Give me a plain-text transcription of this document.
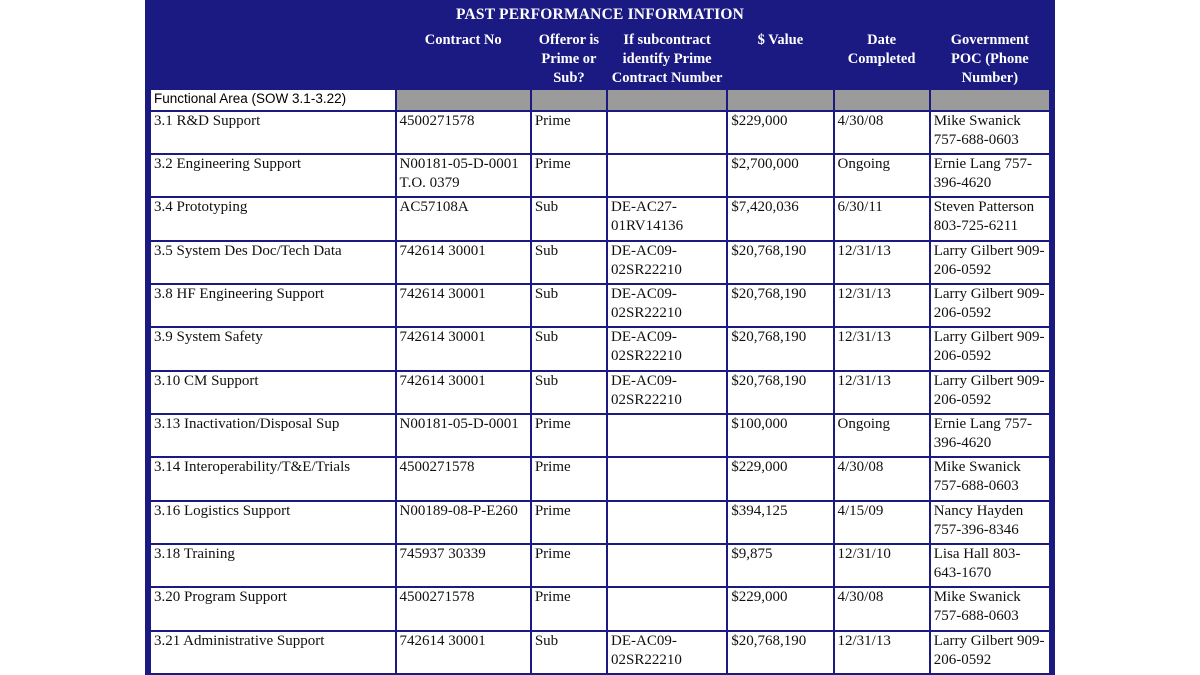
PAST PERFORMANCE INFORMATION
	Contract No	Offeror is Prime or Sub?	If subcontract identify Prime Contract Number	$ Value	Date Completed	Government POC (Phone Number)
Functional Area (SOW 3.1-3.22)						
3.1 R&D Support	4500271578	Prime		$229,000	4/30/08	Mike Swanick 757-688-0603
3.2 Engineering Support	N00181-05-D-0001 T.O. 0379	Prime		$2,700,000	Ongoing	Ernie Lang 757-396-4620
3.4 Prototyping	AC57108A	Sub	DE-AC27-01RV14136	$7,420,036	6/30/11	Steven Patterson 803-725-6211
3.5 System Des Doc/Tech Data	742614 30001	Sub	DE-AC09-02SR22210	$20,768,190	12/31/13	Larry Gilbert 909-206-0592
3.8 HF Engineering Support	742614 30001	Sub	DE-AC09-02SR22210	$20,768,190	12/31/13	Larry Gilbert 909-206-0592
3.9 System Safety	742614 30001	Sub	DE-AC09-02SR22210	$20,768,190	12/31/13	Larry Gilbert 909-206-0592
3.10 CM Support	742614 30001	Sub	DE-AC09-02SR22210	$20,768,190	12/31/13	Larry Gilbert 909-206-0592
3.13 Inactivation/Disposal Sup	N00181-05-D-0001	Prime		$100,000	Ongoing	Ernie Lang 757-396-4620
3.14 Interoperability/T&E/Trials	4500271578	Prime		$229,000	4/30/08	Mike Swanick 757-688-0603
3.16 Logistics Support	N00189-08-P-E260	Prime		$394,125	4/15/09	Nancy Hayden 757-396-8346
3.18 Training	745937 30339	Prime		$9,875	12/31/10	Lisa Hall 803-643-1670
3.20 Program Support	4500271578	Prime		$229,000	4/30/08	Mike Swanick 757-688-0603
3.21 Administrative Support	742614 30001	Sub	DE-AC09-02SR22210	$20,768,190	12/31/13	Larry Gilbert 909-206-0592
